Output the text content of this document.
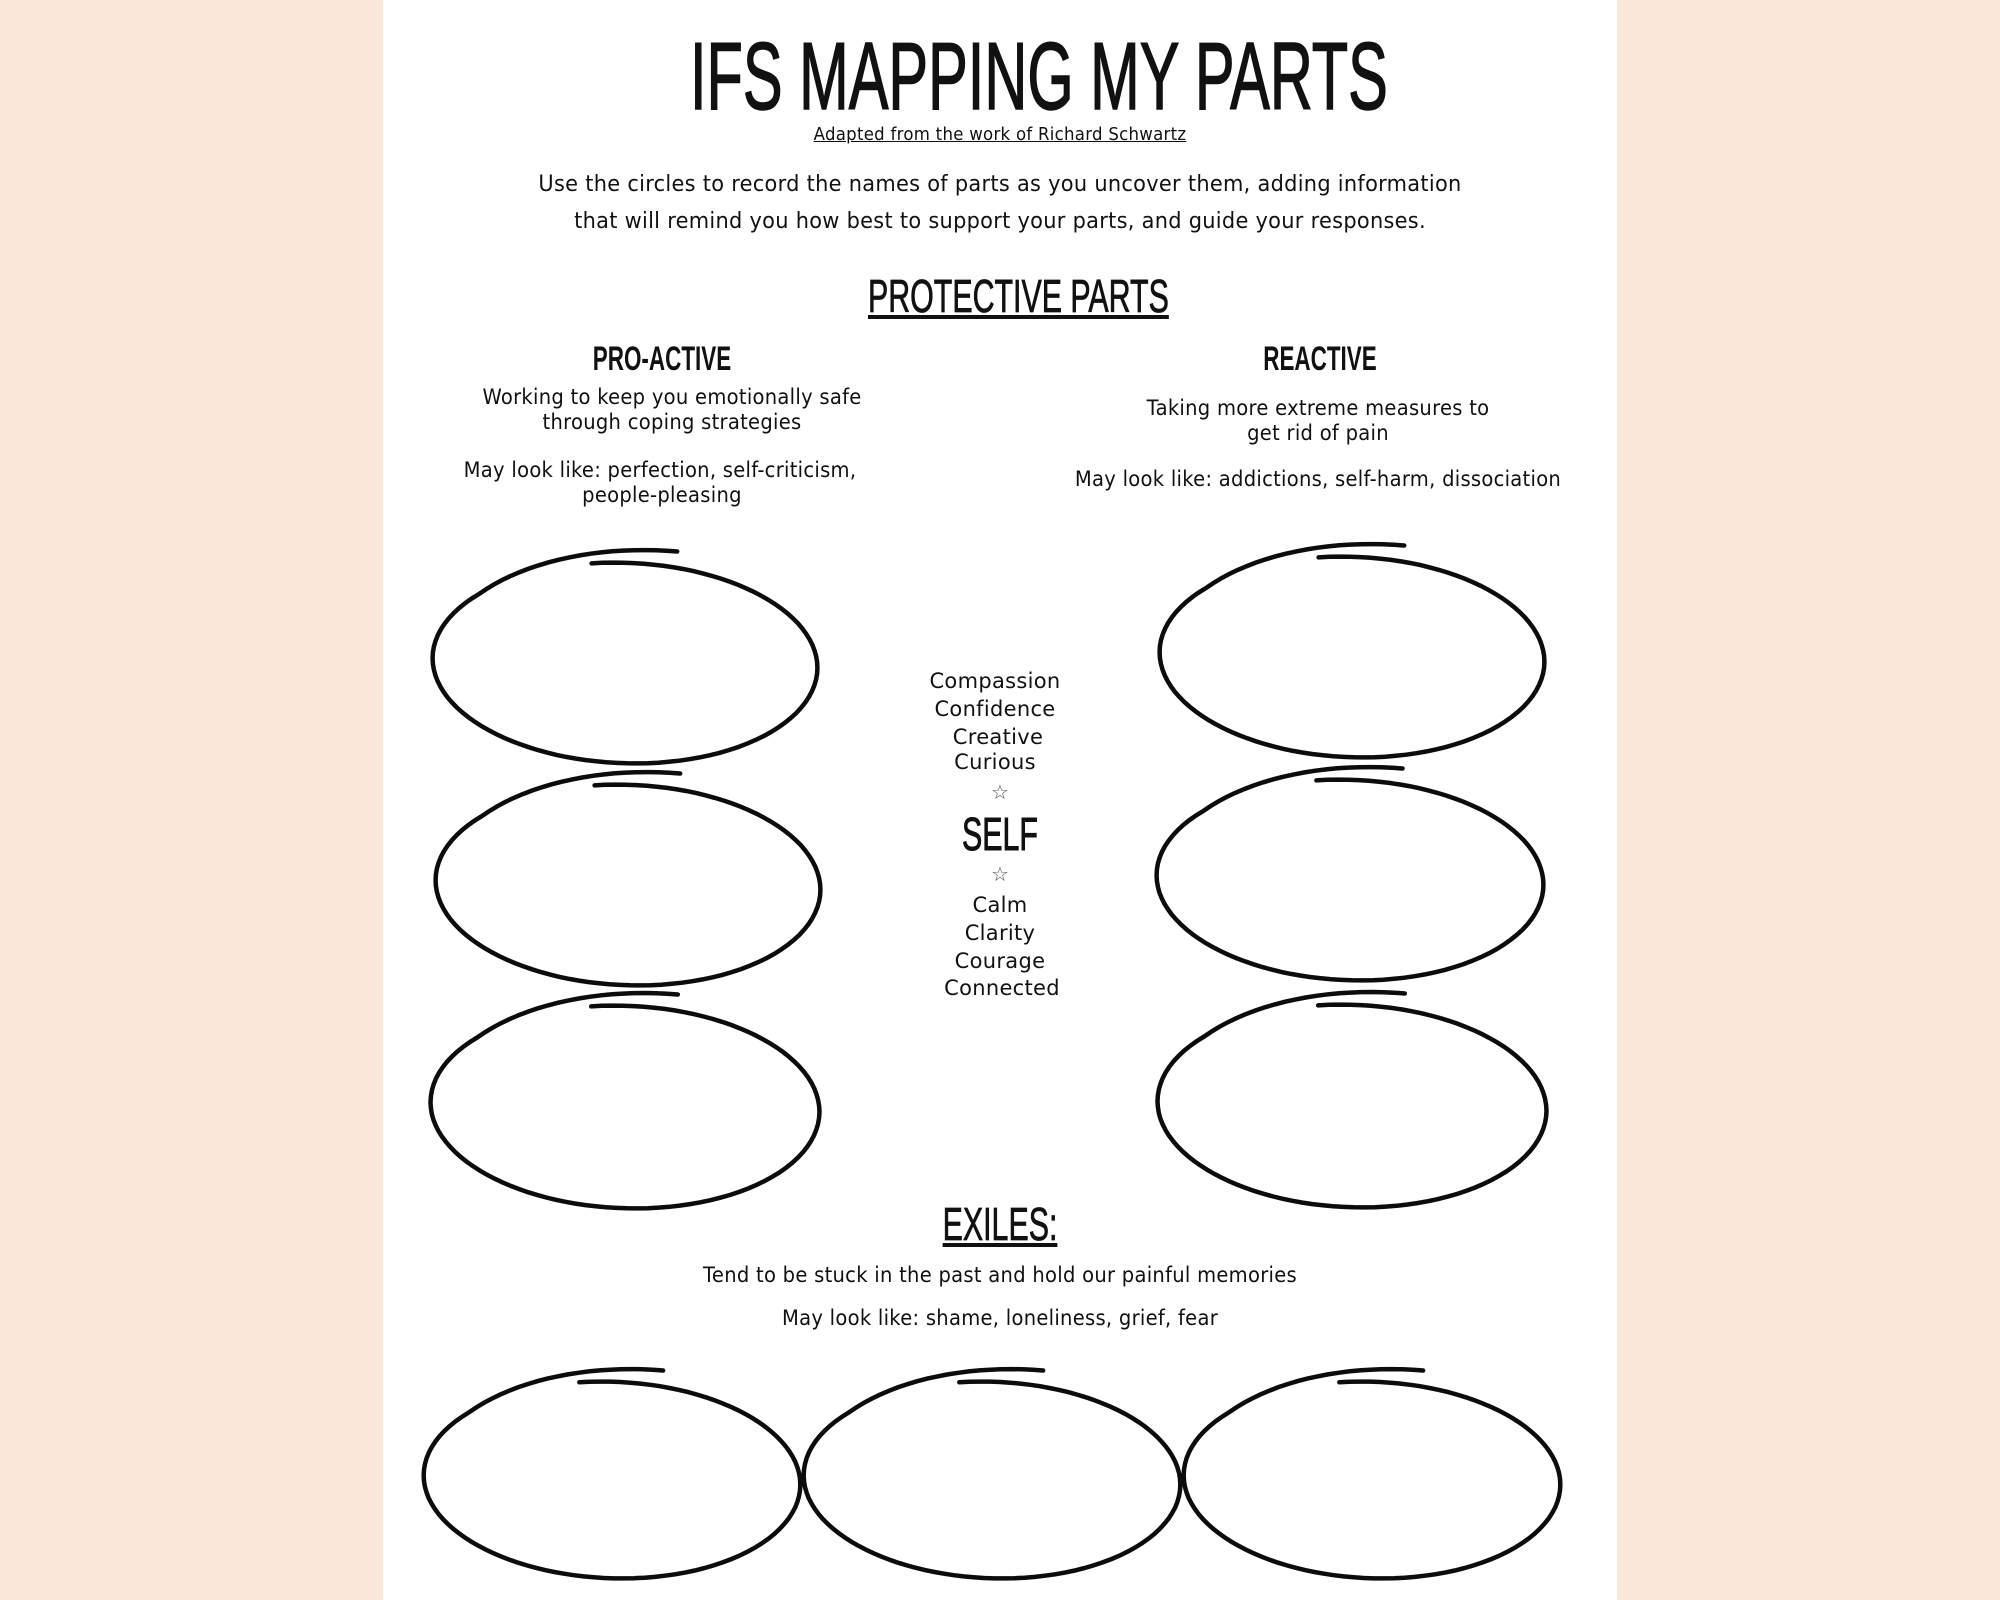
IFS MAPPING MY PARTS
Adapted from the work of Richard Schwartz
Use the circles to record the names of parts as you uncover them, adding information
that will remind you how best to support your parts, and guide your responses.
PROTECTIVE PARTS
PRO-ACTIVE
Working to keep you emotionally safe
through coping strategies
May look like: perfection, self-criticism,
people-pleasing
REACTIVE
Taking more extreme measures to
get rid of pain
May look like: addictions, self-harm, dissociation
Compassion
Confidence
Creative
Curious
☆
SELF
☆
Calm
Clarity
Courage
Connected
EXILES:
Tend to be stuck in the past and hold our painful memories
May look like: shame, loneliness, grief, fear
